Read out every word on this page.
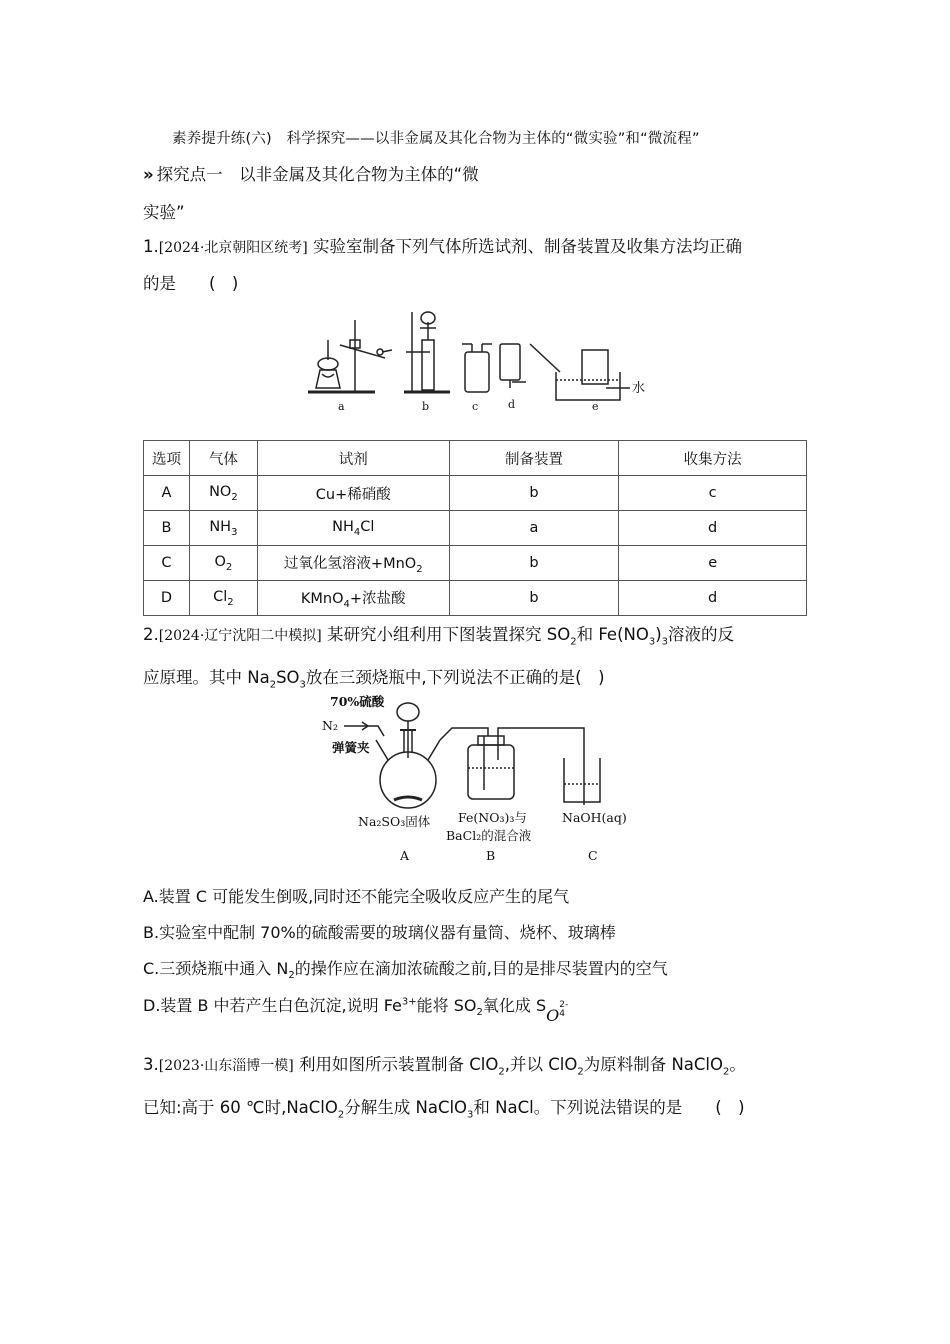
素养提升练(六)　科学探究——以非金属及其化合物为主体的“微实验”和“微流程”
» 探究点一　以非金属及其化合物为主体的“微
实验”
1.[2024·北京朝阳区统考] 实验室制备下列气体所选试剂、制备装置及收集方法均正确
的是　　(　)
a	b	c	d	e
水
选项	气体	试剂	制备装置	收集方法
A	$NO_2$	Cu+稀硝酸	b	c
B	$NH_3$	$NH_4Cl$	a	d
C	$O_2$	过氧化氢溶液+MnO$_2$	b	e
D	$Cl_2$	KMnO$_4$+浓盐酸	b	d
2.[2024·辽宁沈阳二中模拟] 某研究小组利用下图装置探究 $SO_2$和 $Fe(NO_3)_3$溶液的反
应原理。其中 $Na_2SO_3$放在三颈烧瓶中,下列说法不正确的是(　)
70%硫酸
N₂
弹簧夹
Na₂SO₃固体 Fe(NO₃)₃与
BaCl₂的混合液
NaOH(aq)
A	B	C
A.装置 C 可能发生倒吸,同时还不能完全吸收反应产生的尾气
B.实验室中配制 70%的硫酸需要的玻璃仪器有量筒、烧杯、玻璃棒
C.三颈烧瓶中通入 $N_2$的操作应在滴加浓硫酸之前,目的是排尽装置内的空气
D.装置 B 中若产生白色沉淀,说明 $Fe^{3+}$能将 $SO_2$氧化成 SO
2-
4
3.[2023·山东淄博一模] 利用如图所示装置制备 ClO$_2$,并以 ClO$_2$为原料制备 NaClO$_2$。
已知:高于 60 ℃时,NaClO$_2$分解生成 NaClO$_3$和 NaCl。下列说法错误的是　　(　)
